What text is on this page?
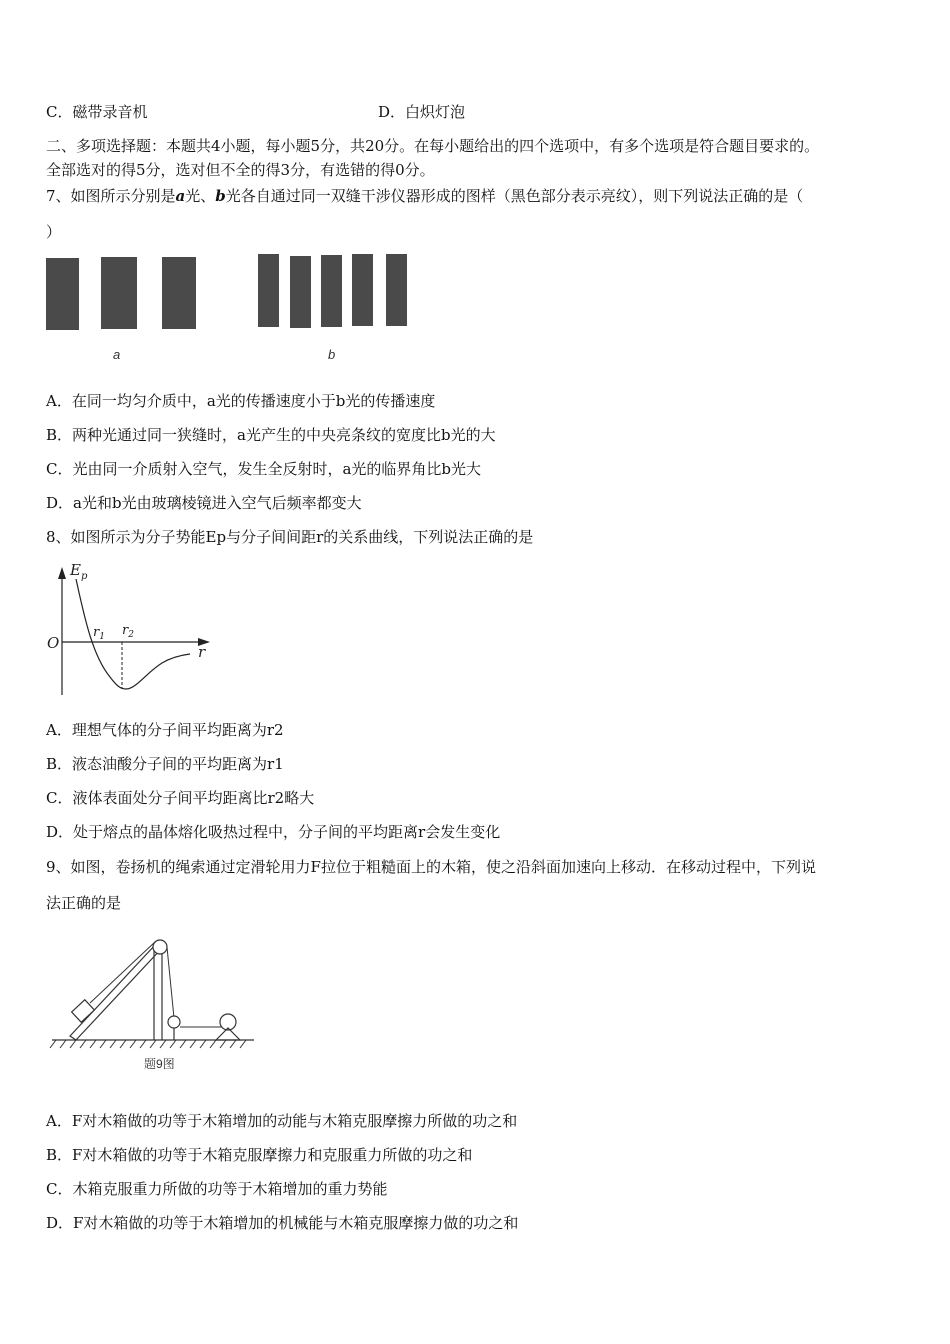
C．磁带录音机	D．白炽灯泡
二、多项选择题：本题共4小题，每小题5分，共20分。在每小题给出的四个选项中，有多个选项是符合题目要求的。
全部选对的得5分，选对但不全的得3分，有选错的得0分。
7、如图所示分别是a光、b光各自通过同一双缝干涉仪器形成的图样（黑色部分表示亮纹），则下列说法正确的是（
）
a	b
A．在同一均匀介质中，a光的传播速度小于b光的传播速度
B．两种光通过同一狭缝时，a光产生的中央亮条纹的宽度比b光的大
C．光由同一介质射入空气，发生全反射时，a光的临界角比b光大
D．a光和b光由玻璃棱镜进入空气后频率都变大
8、如图所示为分子势能Ep与分子间间距r的关系曲线，下列说法正确的是
$E_p$
O	r
$r_1$ $r_2$
A．理想气体的分子间平均距离为r2
B．液态油酸分子间的平均距离为r1
C．液体表面处分子间平均距离比r2略大
D．处于熔点的晶体熔化吸热过程中，分子间的平均距离r会发生变化
9、如图，卷扬机的绳索通过定滑轮用力F拉位于粗糙面上的木箱，使之沿斜面加速向上移动．在移动过程中，下列说
法正确的是
题9图
A．F对木箱做的功等于木箱增加的动能与木箱克服摩擦力所做的功之和
B．F对木箱做的功等于木箱克服摩擦力和克服重力所做的功之和
C．木箱克服重力所做的功等于木箱增加的重力势能
D．F对木箱做的功等于木箱增加的机械能与木箱克服摩擦力做的功之和
